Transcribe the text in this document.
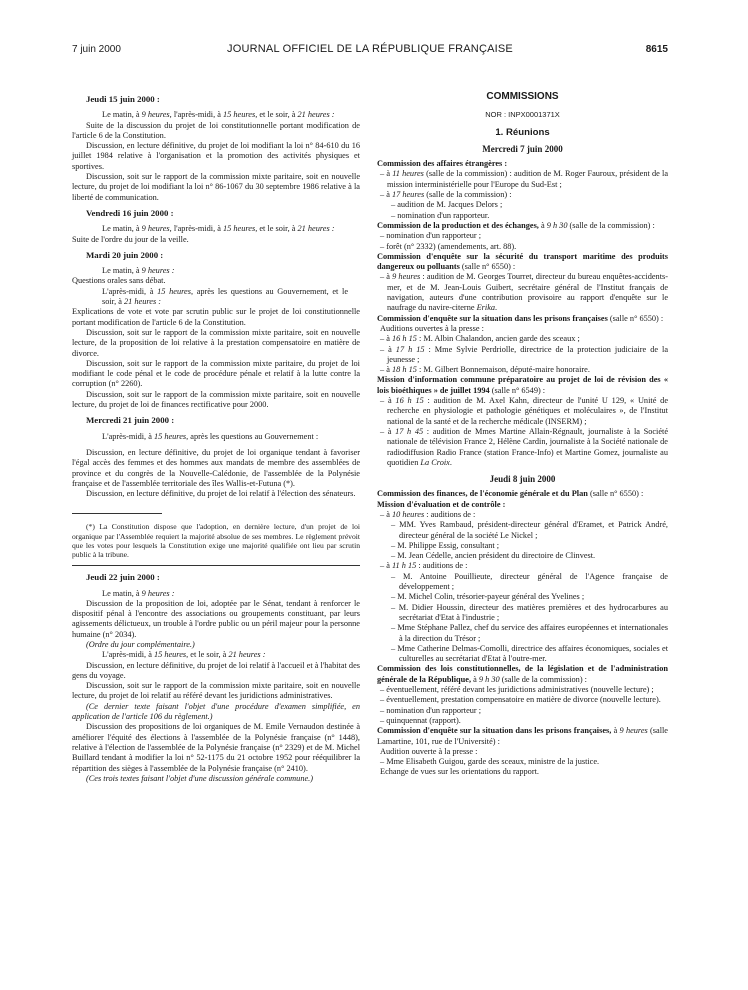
7 juin 2000	JOURNAL OFFICIEL DE LA RÉPUBLIQUE FRANÇAISE	8615

Jeudi 15 juin 2000 :

Le matin, à 9 heures, l'après-midi, à 15 heures, et le soir, à 21 heures :

Suite de la discussion du projet de loi constitutionnelle portant modification de l'article 6 de la Constitution.

Discussion, en lecture définitive, du projet de loi modifiant la loi n° 84-610 du 16 juillet 1984 relative à l'organisation et la promotion des activités physiques et sportives.

Discussion, soit sur le rapport de la commission mixte paritaire, soit en nouvelle lecture, du projet de loi modifiant la loi n° 86-1067 du 30 septembre 1986 relative à la liberté de communication.

Vendredi 16 juin 2000 :

Le matin, à 9 heures, l'après-midi, à 15 heures, et le soir, à 21 heures :

Suite de l'ordre du jour de la veille.

Mardi 20 juin 2000 :

Le matin, à 9 heures :

Questions orales sans débat.

L'après-midi, à 15 heures, après les questions au Gouvernement, et le soir, à 21 heures :

Explications de vote et vote par scrutin public sur le projet de loi constitutionnelle portant modification de l'article 6 de la Constitution.

Discussion, soit sur le rapport de la commission mixte paritaire, soit en nouvelle lecture, de la proposition de loi relative à la prestation compensatoire en matière de divorce.

Discussion, soit sur le rapport de la commission mixte paritaire, du projet de loi modifiant le code pénal et le code de procédure pénale et relatif à la lutte contre la corruption (n° 2260).

Discussion, soit sur le rapport de la commission mixte paritaire, soit en nouvelle lecture, du projet de loi de finances rectificative pour 2000.

Mercredi 21 juin 2000 :

L'après-midi, à 15 heures, après les questions au Gouvernement :

Discussion, en lecture définitive, du projet de loi organique tendant à favoriser l'égal accès des femmes et des hommes aux mandats de membre des assemblées de province et du congrès de la Nouvelle-Calédonie, de l'assemblée de la Polynésie française et de l'assemblée territoriale des îles Wallis-et-Futuna (*).

Discussion, en lecture définitive, du projet de loi relatif à l'élection des sénateurs.

(*) La Constitution dispose que l'adoption, en dernière lecture, d'un projet de loi organique par l'Assemblée requiert la majorité absolue de ses membres. Le règlement prévoit que les votes pour lesquels la Constitution exige une majorité qualifiée ont lieu par scrutin public à la tribune.

Jeudi 22 juin 2000 :

Le matin, à 9 heures :

Discussion de la proposition de loi, adoptée par le Sénat, tendant à renforcer le dispositif pénal à l'encontre des associations ou groupements constituant, par leurs agissements délictueux, un trouble à l'ordre public ou un péril majeur pour la personne humaine (n° 2034).

(Ordre du jour complémentaire.)

L'après-midi, à 15 heures, et le soir, à 21 heures :

Discussion, en lecture définitive, du projet de loi relatif à l'accueil et à l'habitat des gens du voyage.

Discussion, soit sur le rapport de la commission mixte paritaire, soit en nouvelle lecture, du projet de loi relatif au référé devant les juridictions administratives.

(Ce dernier texte faisant l'objet d'une procédure d'examen simplifiée, en application de l'article 106 du règlement.)

Discussion des propositions de loi organiques de M. Emile Vernaudon destinée à améliorer l'équité des élections à l'assemblée de la Polynésie française (n° 1448), relative à l'élection de l'assemblée de la Polynésie française (n° 2329) et de M. Michel Buillard tendant à modifier la loi n° 52-1175 du 21 octobre 1952 pour rééquilibrer la répartition des sièges à l'assemblée de la Polynésie française (n° 2410).

(Ces trois textes faisant l'objet d'une discussion générale commune.)

COMMISSIONS

NOR : INPX0001371X

1. Réunions

Mercredi 7 juin 2000

Commission des affaires étrangères :

– à 11 heures (salle de la commission) : audition de M. Roger Fauroux, président de la mission interministérielle pour l'Europe du Sud-Est ;

– à 17 heures (salle de la commission) :

– audition de M. Jacques Delors ;

– nomination d'un rapporteur.

Commission de la production et des échanges, à 9 h 30 (salle de la commission) :

– nomination d'un rapporteur ;

– forêt (n° 2332) (amendements, art. 88).

Commission d'enquête sur la sécurité du transport maritime des produits dangereux ou polluants (salle n° 6550) :

– à 9 heures : audition de M. Georges Tourret, directeur du bureau enquêtes-accidents-mer, et de M. Jean-Louis Guibert, secrétaire général de l'Institut français de navigation, auteurs d'une contribution provisoire au rapport d'enquête sur le naufrage du navire-citerne Erika.

Commission d'enquête sur la situation dans les prisons françaises (salle n° 6550) :

Auditions ouvertes à la presse :

– à 16 h 15 : M. Albin Chalandon, ancien garde des sceaux ;

– à 17 h 15 : Mme Sylvie Perdriolle, directrice de la protection judiciaire de la jeunesse ;

– à 18 h 15 : M. Gilbert Bonnemaison, député-maire honoraire.

Mission d'information commune préparatoire au projet de loi de révision des « lois bioéthiques » de juillet 1994 (salle n° 6549) :

– à 16 h 15 : audition de M. Axel Kahn, directeur de l'unité U 129, « Unité de recherche en physiologie et pathologie génétiques et moléculaires », de l'Institut national de la santé et de la recherche médicale (INSERM) ;

– à 17 h 45 : audition de Mmes Martine Allain-Régnault, journaliste à la Société nationale de télévision France 2, Hélène Cardin, journaliste à la Société nationale de radiodiffusion Radio France (station France-Info) et Martine Gomez, journaliste au quotidien La Croix.

Jeudi 8 juin 2000

Commission des finances, de l'économie générale et du Plan (salle n° 6550) :

Mission d'évaluation et de contrôle :

– à 10 heures : auditions de :

– MM. Yves Rambaud, président-directeur général d'Eramet, et Patrick André, directeur général de la société Le Nickel ;

– M. Philippe Essig, consultant ;

– M. Jean Cédelle, ancien président du directoire de Clinvest.

– à 11 h 15 : auditions de :

– M. Antoine Pouillieute, directeur général de l'Agence française de développement ;

– M. Michel Colin, trésorier-payeur général des Yvelines ;

– M. Didier Houssin, directeur des matières premières et des hydrocarbures au secrétariat d'Etat à l'industrie ;

– Mme Stéphane Pallez, chef du service des affaires européennes et internationales à la direction du Trésor ;

– Mme Catherine Delmas-Comolli, directrice des affaires économiques, sociales et culturelles au secrétariat d'Etat à l'outre-mer.

Commission des lois constitutionnelles, de la législation et de l'administration générale de la République, à 9 h 30 (salle de la commission) :

– éventuellement, référé devant les juridictions administratives (nouvelle lecture) ;

– éventuellement, prestation compensatoire en matière de divorce (nouvelle lecture).

– nomination d'un rapporteur ;

– quinquennat (rapport).

Commission d'enquête sur la situation dans les prisons françaises, à 9 heures (salle Lamartine, 101, rue de l'Université) :

Audition ouverte à la presse :

– Mme Elisabeth Guigou, garde des sceaux, ministre de la justice.

Echange de vues sur les orientations du rapport.
